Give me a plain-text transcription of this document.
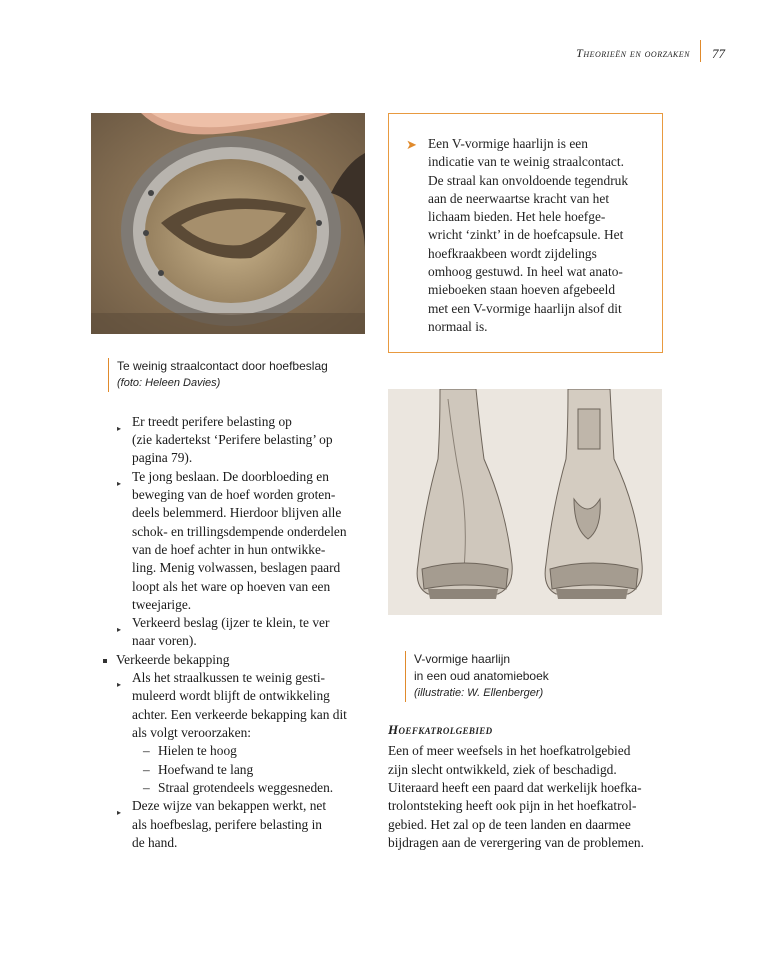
Theorieën en oorzaken 77
Te weinig straalcontact door hoefbeslag
(foto: Heleen Davies)
➤ Een V-vormige haarlijn is een
indicatie van te weinig straalcontact.
De straal kan onvoldoende tegendruk
aan de neerwaartse kracht van het
lichaam bieden. Het hele hoefge-
wricht ‘zinkt’ in de hoefcapsule. Het
hoefkraakbeen wordt zijdelings
omhoog gestuwd. In heel wat anato-
mieboeken staan hoeven afgebeeld
met een V-vormige haarlijn alsof dit
normaal is.
V-vormige haarlijn
in een oud anatomieboek
(illustratie: W. Ellenberger)
▸ Er treedt perifere belasting op
(zie kadertekst ‘Perifere belasting’ op
pagina 79).
▸ Te jong beslaan. De doorbloeding en
beweging van de hoef worden groten-
deels belemmerd. Hierdoor blijven alle
schok- en trillingsdempende onderdelen
van de hoef achter in hun ontwikke-
ling. Menig volwassen, beslagen paard
loopt als het ware op hoeven van een
tweejarige.
▸ Verkeerd beslag (ijzer te klein, te ver
naar voren).
Verkeerde bekapping
▸ Als het straalkussen te weinig gesti-
muleerd wordt blijft de ontwikkeling
achter. Een verkeerde bekapping kan dit
als volgt veroorzaken:
– Hielen te hoog
– Hoefwand te lang
– Straal grotendeels weggesneden.
▸ Deze wijze van bekappen werkt, net
als hoefbeslag, perifere belasting in
de hand.
Hoefkatrolgebied
Een of meer weefsels in het hoefkatrolgebied
zijn slecht ontwikkeld, ziek of beschadigd.
Uiteraard heeft een paard dat werkelijk hoefka-
trolontsteking heeft ook pijn in het hoefkatrol-
gebied. Het zal op de teen landen en daarmee
bijdragen aan de verergering van de problemen.
